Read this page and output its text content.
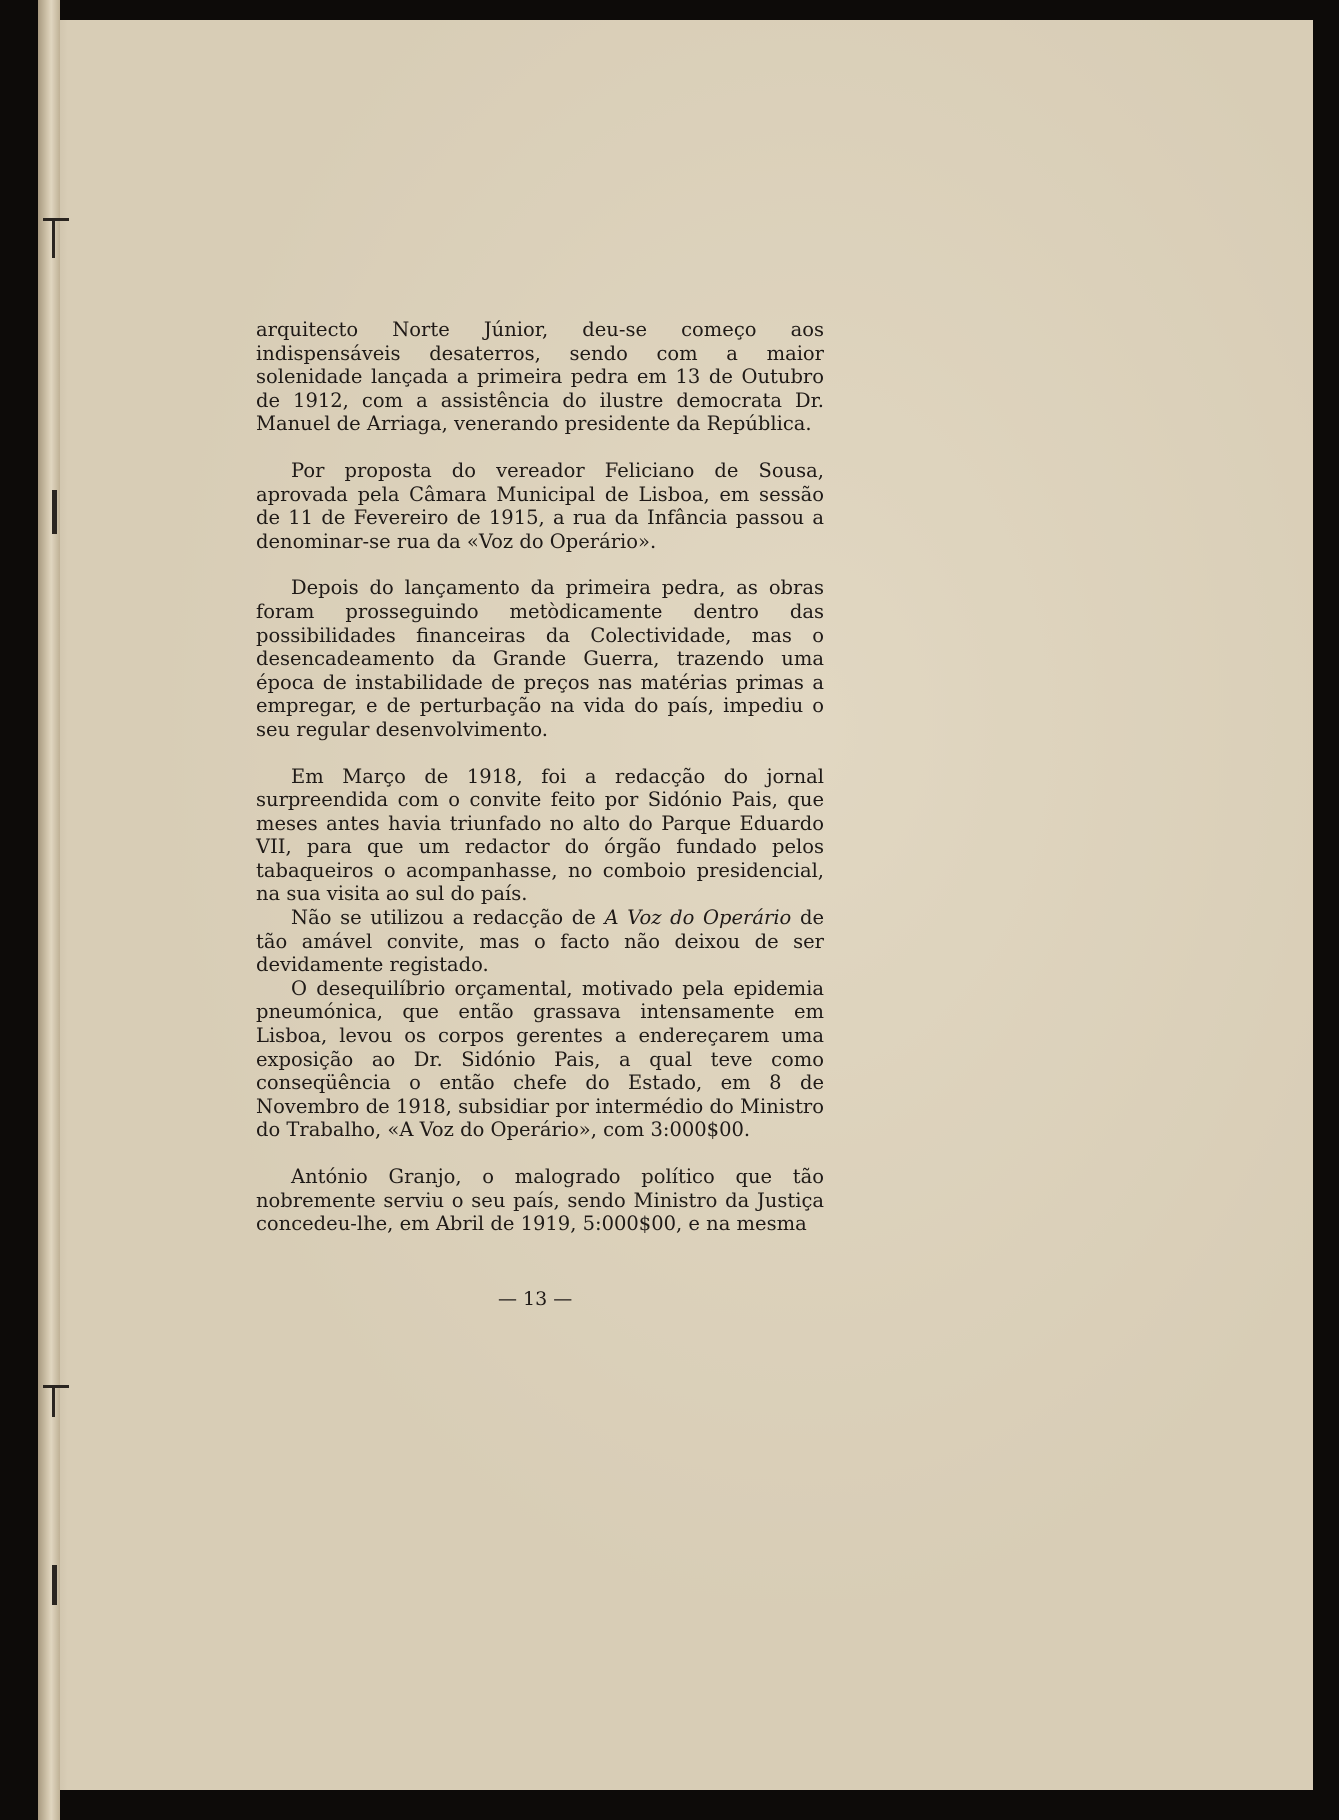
arquitecto Norte Júnior, deu-se começo aos indispensáveis desaterros, sendo com a maior solenidade lançada a primeira pedra em 13 de Outubro de 1912, com a assistência do ilustre democrata Dr. Manuel de Arriaga, venerando presidente da República.

Por proposta do vereador Feliciano de Sousa, aprovada pela Câmara Municipal de Lisboa, em sessão de 11 de Fevereiro de 1915, a rua da Infância passou a denominar-se rua da «Voz do Operário».

Depois do lançamento da primeira pedra, as obras foram prosseguindo metòdicamente dentro das possibilidades financeiras da Colectividade, mas o desencadeamento da Grande Guerra, trazendo uma época de instabilidade de preços nas matérias primas a empregar, e de perturbação na vida do país, impediu o seu regular desenvolvimento.

Em Março de 1918, foi a redacção do jornal surpreendida com o convite feito por Sidónio Pais, que meses antes havia triunfado no alto do Parque Eduardo VII, para que um redactor do órgão fundado pelos tabaqueiros o acompanhasse, no comboio presidencial, na sua visita ao sul do país.

Não se utilizou a redacção de A Voz do Operário de tão amável convite, mas o facto não deixou de ser devidamente registado.

O desequilíbrio orçamental, motivado pela epidemia pneumónica, que então grassava intensamente em Lisboa, levou os corpos gerentes a endereçarem uma exposição ao Dr. Sidónio Pais, a qual teve como conseqüência o então chefe do Estado, em 8 de Novembro de 1918, subsidiar por intermédio do Ministro do Trabalho, «A Voz do Operário», com 3:000$00.

António Granjo, o malogrado político que tão nobremente serviu o seu país, sendo Ministro da Justiça concedeu-lhe, em Abril de 1919, 5:000$00, e na mesma

— 13 —
